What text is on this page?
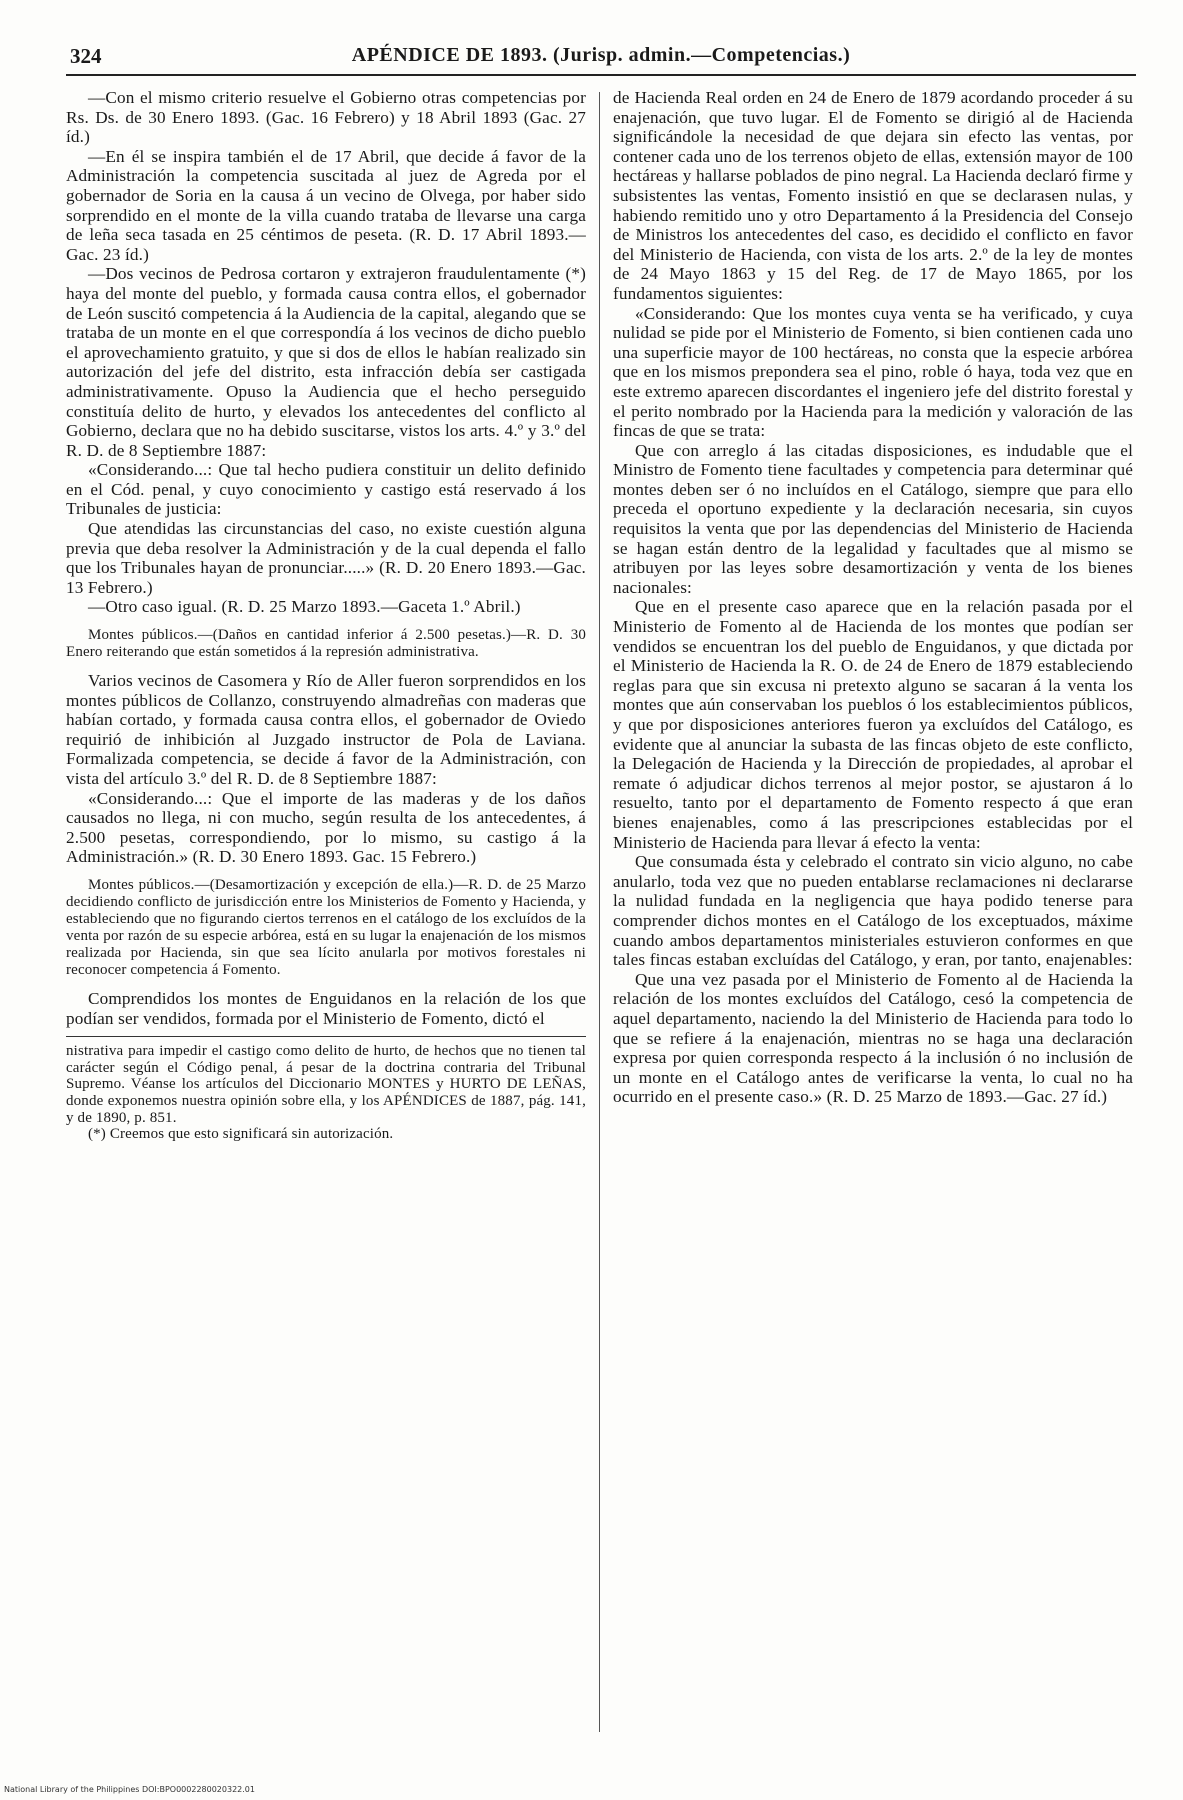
324	APÉNDICE DE 1893. (Jurisp. admin.—Competencias.)

—Con el mismo criterio resuelve el Gobierno otras competencias por Rs. Ds. de 30 Enero 1893. (Gac. 16 Febrero) y 18 Abril 1893 (Gac. 27 íd.)

—En él se inspira también el de 17 Abril, que decide á favor de la Administración la competencia suscitada al juez de Agreda por el gobernador de Soria en la causa á un vecino de Olvega, por haber sido sorprendido en el monte de la villa cuando trataba de llevarse una carga de leña seca tasada en 25 céntimos de peseta. (R. D. 17 Abril 1893.—Gac. 23 íd.)

—Dos vecinos de Pedrosa cortaron y extrajeron fraudulentamente (*) haya del monte del pueblo, y formada causa contra ellos, el gobernador de León suscitó competencia á la Audiencia de la capital, alegando que se trataba de un monte en el que correspondía á los vecinos de dicho pueblo el aprovechamiento gratuito, y que si dos de ellos le habían realizado sin autorización del jefe del distrito, esta infracción debía ser castigada administrativamente. Opuso la Audiencia que el hecho perseguido constituía delito de hurto, y elevados los antecedentes del conflicto al Gobierno, declara que no ha debido suscitarse, vistos los arts. 4.º y 3.º del R. D. de 8 Septiembre 1887:

«Considerando...: Que tal hecho pudiera constituir un delito definido en el Cód. penal, y cuyo conocimiento y castigo está reservado á los Tribunales de justicia:

Que atendidas las circunstancias del caso, no existe cuestión alguna previa que deba resolver la Administración y de la cual dependa el fallo que los Tribunales hayan de pronunciar.....» (R. D. 20 Enero 1893.—Gac. 13 Febrero.)

—Otro caso igual. (R. D. 25 Marzo 1893.—Gaceta 1.º Abril.)

Montes públicos.—(Daños en cantidad inferior á 2.500 pesetas.)—R. D. 30 Enero reiterando que están sometidos á la represión administrativa.

Varios vecinos de Casomera y Río de Aller fueron sorprendidos en los montes públicos de Collanzo, construyendo almadreñas con maderas que habían cortado, y formada causa contra ellos, el gobernador de Oviedo requirió de inhibición al Juzgado instructor de Pola de Laviana. Formalizada competencia, se decide á favor de la Administración, con vista del artículo 3.º del R. D. de 8 Septiembre 1887:

«Considerando...: Que el importe de las maderas y de los daños causados no llega, ni con mucho, según resulta de los antecedentes, á 2.500 pesetas, correspondiendo, por lo mismo, su castigo á la Administración.» (R. D. 30 Enero 1893. Gac. 15 Febrero.)

Montes públicos.—(Desamortización y excepción de ella.)—R. D. de 25 Marzo decidiendo conflicto de jurisdicción entre los Ministerios de Fomento y Hacienda, y estableciendo que no figurando ciertos terrenos en el catálogo de los excluídos de la venta por razón de su especie arbórea, está en su lugar la enajenación de los mismos realizada por Hacienda, sin que sea lícito anularla por motivos forestales ni reconocer competencia á Fomento.

Comprendidos los montes de Enguidanos en la relación de los que podían ser vendidos, formada por el Ministerio de Fomento, dictó el

nistrativa para impedir el castigo como delito de hurto, de hechos que no tienen tal carácter según el Código penal, á pesar de la doctrina contraria del Tribunal Supremo. Véanse los artículos del Diccionario MONTES y HURTO DE LEÑAS, donde exponemos nuestra opinión sobre ella, y los APÉNDICES de 1887, pág. 141, y de 1890, p. 851.

(*) Creemos que esto significará sin autorización.

de Hacienda Real orden en 24 de Enero de 1879 acordando proceder á su enajenación, que tuvo lugar. El de Fomento se dirigió al de Hacienda significándole la necesidad de que dejara sin efecto las ventas, por contener cada uno de los terrenos objeto de ellas, extensión mayor de 100 hectáreas y hallarse poblados de pino negral. La Hacienda declaró firme y subsistentes las ventas, Fomento insistió en que se declarasen nulas, y habiendo remitido uno y otro Departamento á la Presidencia del Consejo de Ministros los antecedentes del caso, es decidido el conflicto en favor del Ministerio de Hacienda, con vista de los arts. 2.º de la ley de montes de 24 Mayo 1863 y 15 del Reg. de 17 de Mayo 1865, por los fundamentos siguientes:

«Considerando: Que los montes cuya venta se ha verificado, y cuya nulidad se pide por el Ministerio de Fomento, si bien contienen cada uno una superficie mayor de 100 hectáreas, no consta que la especie arbórea que en los mismos prepondera sea el pino, roble ó haya, toda vez que en este extremo aparecen discordantes el ingeniero jefe del distrito forestal y el perito nombrado por la Hacienda para la medición y valoración de las fincas de que se trata:

Que con arreglo á las citadas disposiciones, es indudable que el Ministro de Fomento tiene facultades y competencia para determinar qué montes deben ser ó no incluídos en el Catálogo, siempre que para ello preceda el oportuno expediente y la declaración necesaria, sin cuyos requisitos la venta que por las dependencias del Ministerio de Hacienda se hagan están dentro de la legalidad y facultades que al mismo se atribuyen por las leyes sobre desamortización y venta de los bienes nacionales:

Que en el presente caso aparece que en la relación pasada por el Ministerio de Fomento al de Hacienda de los montes que podían ser vendidos se encuentran los del pueblo de Enguidanos, y que dictada por el Ministerio de Hacienda la R. O. de 24 de Enero de 1879 estableciendo reglas para que sin excusa ni pretexto alguno se sacaran á la venta los montes que aún conservaban los pueblos ó los establecimientos públicos, y que por disposiciones anteriores fueron ya excluídos del Catálogo, es evidente que al anunciar la subasta de las fincas objeto de este conflicto, la Delegación de Hacienda y la Dirección de propiedades, al aprobar el remate ó adjudicar dichos terrenos al mejor postor, se ajustaron á lo resuelto, tanto por el departamento de Fomento respecto á que eran bienes enajenables, como á las prescripciones establecidas por el Ministerio de Hacienda para llevar á efecto la venta:

Que consumada ésta y celebrado el contrato sin vicio alguno, no cabe anularlo, toda vez que no pueden entablarse reclamaciones ni declararse la nulidad fundada en la negligencia que haya podido tenerse para comprender dichos montes en el Catálogo de los exceptuados, máxime cuando ambos departamentos ministeriales estuvieron conformes en que tales fincas estaban excluídas del Catálogo, y eran, por tanto, enajenables:

Que una vez pasada por el Ministerio de Fomento al de Hacienda la relación de los montes excluídos del Catálogo, cesó la competencia de aquel departamento, naciendo la del Ministerio de Hacienda para todo lo que se refiere á la enajenación, mientras no se haga una declaración expresa por quien corresponda respecto á la inclusión ó no inclusión de un monte en el Catálogo antes de verificarse la venta, lo cual no ha ocurrido en el presente caso.» (R. D. 25 Marzo de 1893.—Gac. 27 íd.)

National Library of the Philippines DOI:BPO0002280020322.01
